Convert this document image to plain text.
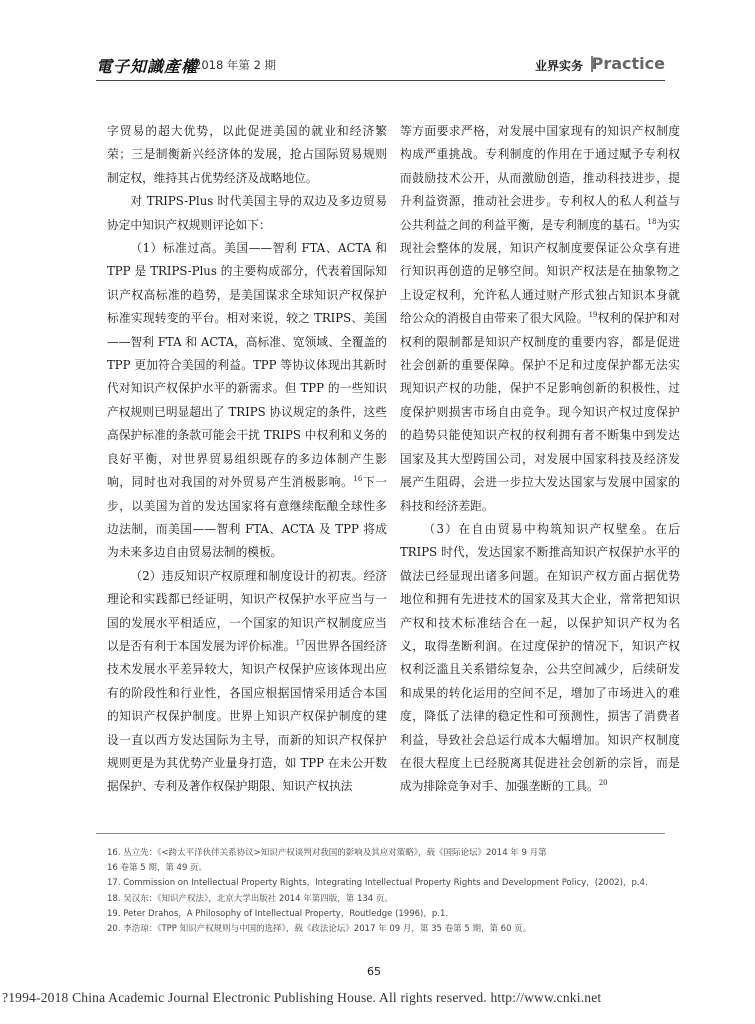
電子知識產權
2018 年第 2 期	业界实务 Practice

字贸易的超大优势，以此促进美国的就业和经济繁荣；三是制衡新兴经济体的发展，抢占国际贸易规则制定权，维持其占优势经济及战略地位。

对 TRIPS-Plus 时代美国主导的双边及多边贸易协定中知识产权规则评论如下：

（1）标准过高。美国——智利 FTA、ACTA 和 TPP 是 TRIPS-Plus 的主要构成部分，代表着国际知识产权高标准的趋势，是美国谋求全球知识产权保护标准实现转变的平台。相对来说，较之 TRIPS、美国——智利 FTA 和 ACTA，高标准、宽领域、全覆盖的 TPP 更加符合美国的利益。TPP 等协议体现出其新时代对知识产权保护水平的新需求。但 TPP 的一些知识产权规则已明显超出了 TRIPS 协议规定的条件，这些高保护标准的条款可能会干扰 TRIPS 中权利和义务的良好平衡，对世界贸易组织既存的多边体制产生影响，同时也对我国的对外贸易产生消极影响。$^{16}$下一步，以美国为首的发达国家将有意继续酝酿全球性多边法制，而美国——智利 FTA、ACTA 及 TPP 将成为未来多边自由贸易法制的模板。

（2）违反知识产权原理和制度设计的初衷。经济理论和实践都已经证明，知识产权保护水平应当与一国的发展水平相适应，一个国家的知识产权制度应当以是否有利于本国发展为评价标准。$^{17}$因世界各国经济技术发展水平差异较大，知识产权保护应该体现出应有的阶段性和行业性，各国应根据国情采用适合本国的知识产权保护制度。世界上知识产权保护制度的建设一直以西方发达国际为主导，而新的知识产权保护规则更是为其优势产业量身打造，如 TPP 在未公开数据保护、专利及著作权保护期限、知识产权执法

等方面要求严格，对发展中国家现有的知识产权制度构成严重挑战。专利制度的作用在于通过赋予专利权而鼓励技术公开，从而激励创造，推动科技进步，提升利益资源，推动社会进步。专利权人的私人利益与公共利益之间的利益平衡，是专利制度的基石。$^{18}$为实现社会整体的发展，知识产权制度要保证公众享有进行知识再创造的足够空间。知识产权法是在抽象物之上设定权利，允许私人通过财产形式独占知识本身就给公众的消极自由带来了很大风险。$^{19}$权利的保护和对权利的限制都是知识产权制度的重要内容，都是促进社会创新的重要保障。保护不足和过度保护都无法实现知识产权的功能，保护不足影响创新的积极性，过度保护则损害市场自由竞争。现今知识产权过度保护的趋势只能使知识产权的权利拥有者不断集中到发达国家及其大型跨国公司，对发展中国家科技及经济发展产生阻碍，会进一步拉大发达国家与发展中国家的科技和经济差距。

（3）在自由贸易中构筑知识产权壁垒。在后 TRIPS 时代，发达国家不断推高知识产权保护水平的做法已经显现出诸多问题。在知识产权方面占据优势地位和拥有先进技术的国家及其大企业，常常把知识产权和技术标准结合在一起，以保护知识产权为名义，取得垄断利润。在过度保护的情况下，知识产权权利泛滥且关系错综复杂，公共空间减少，后续研发和成果的转化运用的空间不足，增加了市场进入的难度，降低了法律的稳定性和可预测性，损害了消费者利益，导致社会总运行成本大幅增加。知识产权制度在很大程度上已经脱离其促进社会创新的宗旨，而是成为排除竞争对手、加强垄断的工具。$^{20}$

16. 丛立先：《<跨太平洋伙伴关系协议>知识产权谈判对我国的影响及其应对策略》，载《国际论坛》2014 年 9 月第

16 卷第 5 期，第 49 页。

17. Commission on Intellectual Property Rights，Integrating Intellectual Property Rights and Development Policy，(2002)，p.4.

18. 吴汉东：《知识产权法》，北京大学出版社 2014 年第四版，第 134 页。

19. Peter Drahos，A Philosophy of Intellectual Property，Routledge (1996)，p.1.

20. 李浩琼：《TPP 知识产权规则与中国的选择》，载《政法论坛》2017 年 09 月，第 35 卷第 5 期，第 60 页。

65
?1994-2018 China Academic Journal Electronic Publishing House. All rights reserved. http://www.cnki.net
